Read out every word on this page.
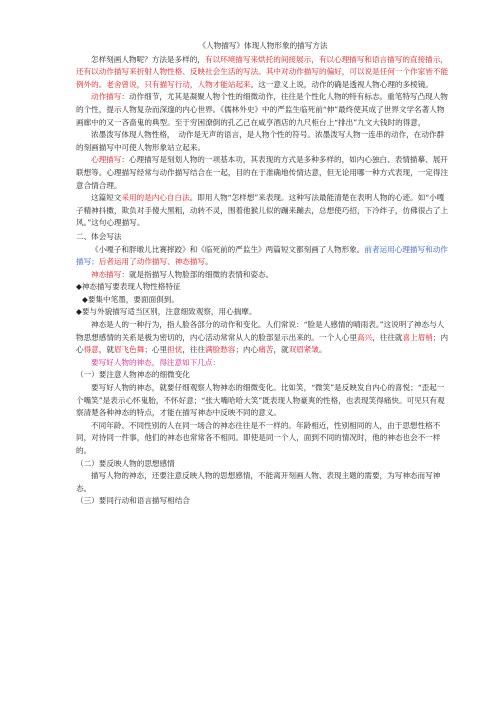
《人物描写》体现人物形象的描写方法

怎样刻画人物呢？方法是多样的，有以环境描写来烘托的间接展示，有以心理描写和语言描写的直接描示，还有以动作描写来折射人物性格、反映社会生活的写法。其中对动作描写的偏好，可以说是任何一个作家皆不能例外的。老舍曾说，只有描写行动，人物才能站起来。这一意义上说，动作的确是透视人物心理的多棱镜。

动作描写：动作细节，尤其是凝聚人物个性的细微动作，往往是个性化人物的特有标志。重笔特写凸现人物的个性，提示人物复杂而深邃的内心世界。《儒林外史》中的严监生临死前“伸”最终使其成了世界文学名著人物画廊中的又一吝啬鬼的典型。至于穷困潦倒的孔乙己在咸亨酒店的九尺柜台上“排出”九文大钱时的得意，

浓墨泼写体现人物性格，　动作是无声的语言，是人物个性的符号。浓墨泼写人物一连串的动作，在动作群的刻画描写中可使人物形象站立起来。

心理描写：心理描写是刻划人物的一项基本功，其表现的方式是多种多样的，如内心独白、表情描摹、展开联想等。心理描写经常与动作描写结合在一起，目的在于准确地传情达意，但无论用哪一种方式表现，一定得注意合情合理。

这篇短文采用的是内心自白法。即用人物“怎样想”来表现。这种写法最能清楚在表明人物的心迹。如“小嘎子精神抖擞，欺负对手傻大黑粗，动转不灵，围着他猴儿似的蹦来蹦去，总想使巧招，下冷绊子，仿佛很占了上风。”这句心理描写。

二、体会写法

《小嘎子和胖墩儿比赛摔跤》和《临死前的严监生》两篇短文都刻画了人物形象。前者运用心理描写和动作描写；后者运用了动作描写、神态描写。

神态描写：就是指描写人物脸部的细微的表情和姿态。

◆神态描写要表现人物性格特征

◆要集中笔墨，要面面俱到。

◆要与外貌描写适当区别，注意细致观察，用心揣摩。

神态是人的一种行为，指人脸各部分的动作和变化。人们常说：“脸是人感情的晴雨表。”这说明了神态与人物思想感情的关系是极为密切的，内心活动常常从人的脸部显示出来的。一个人心里高兴，往往就喜上眉梢；内心得意，就眉飞色舞；心里担忧，往往满脸愁容；内心痛苦，就双眉紧皱。

要写好人物的神态，得注意如下几点：

（一）要注意人物神态的细微变化

要写好人物的神态，就要仔细观察人物神态的细微变化。比如笑，“微笑”是反映发自内心的喜悦；“歪起一个嘴笑”是表示心怀鬼胎，不怀好意；“张大嘴哈哈大笑”既表现人物豪爽的性格，也表现笑得痛快。可见只有观察清楚各种神态的特点，才能在描写神态中反映不同的意义。

不同年龄、不同性别的人在同一场合的神态往往是不一样的。年龄相近，性别相同的人，由于思想性格不同，对待同一件事，他们的神态也常常各不相同。即使是同一个人，面到不同的情况时，他的神态也会不一样的。

（二）要反映人物的思想感情

描写人物的神态，还要注意反映人物的思想感情，不能离开刻画人物、表现主题的需要，为写神态而写神态。

（三）要同行动和语言描写相结合
